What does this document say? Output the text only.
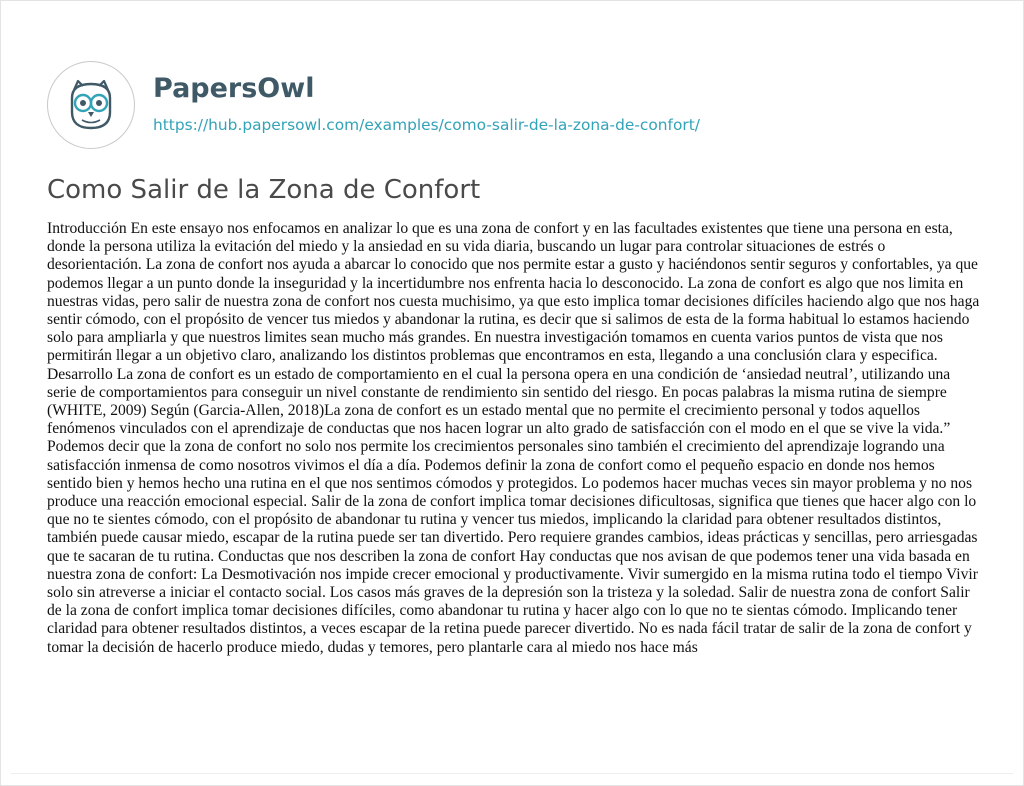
PapersOwl
https://hub.papersowl.com/examples/como-salir-de-la-zona-de-confort/
Como Salir de la Zona de Confort

Introducción En este ensayo nos enfocamos en analizar lo que es una zona de confort y en las facultades existentes que tiene una persona en esta, donde la persona utiliza la evitación del miedo y la ansiedad en su vida diaria, buscando un lugar para controlar situaciones de estrés o desorientación. La zona de confort nos ayuda a abarcar lo conocido que nos permite estar a gusto y haciéndonos sentir seguros y confortables, ya que podemos llegar a un punto donde la inseguridad y la incertidumbre nos enfrenta hacia lo desconocido. La zona de confort es algo que nos limita en nuestras vidas, pero salir de nuestra zona de confort nos cuesta muchisimo, ya que esto implica tomar decisiones difíciles haciendo algo que nos haga sentir cómodo, con el propósito de vencer tus miedos y abandonar la rutina, es decir que si salimos de esta de la forma habitual lo estamos haciendo solo para ampliarla y que nuestros limites sean mucho más grandes. En nuestra investigación tomamos en cuenta varios puntos de vista que nos permitirán llegar a un objetivo claro, analizando los distintos problemas que encontramos en esta, llegando a una conclusión clara y especifica. Desarrollo La zona de confort es un estado de comportamiento en el cual la persona opera en una condición de ‘ansiedad neutral’, utilizando una serie de comportamientos para conseguir un nivel constante de rendimiento sin sentido del riesgo. En pocas palabras la misma rutina de siempre (WHITE, 2009) Según (Garcia-Allen, 2018)La zona de confort es un estado mental que no permite el crecimiento personal y todos aquellos fenómenos vinculados con el aprendizaje de conductas que nos hacen lograr un alto grado de satisfacción con el modo en el que se vive la vida.” Podemos decir que la zona de confort no solo nos permite los crecimientos personales sino también el crecimiento del aprendizaje logrando una satisfacción inmensa de como nosotros vivimos el día a día. Podemos definir la zona de confort como el pequeño espacio en donde nos hemos sentido bien y hemos hecho una rutina en el que nos sentimos cómodos y protegidos. Lo podemos hacer muchas veces sin mayor problema y no nos produce una reacción emocional especial. Salir de la zona de confort implica tomar decisiones dificultosas, significa que tienes que hacer algo con lo que no te sientes cómodo, con el propósito de abandonar tu rutina y vencer tus miedos, implicando la claridad para obtener resultados distintos, también puede causar miedo, escapar de la rutina puede ser tan divertido. Pero requiere grandes cambios, ideas prácticas y sencillas, pero arriesgadas que te sacaran de tu rutina. Conductas que nos describen la zona de confort Hay conductas que nos avisan de que podemos tener una vida basada en nuestra zona de confort: La Desmotivación nos impide crecer emocional y productivamente. Vivir sumergido en la misma rutina todo el tiempo Vivir solo sin atreverse a iniciar el contacto social. Los casos más graves de la depresión son la tristeza y la soledad. Salir de nuestra zona de confort Salir de la zona de confort implica tomar decisiones difíciles, como abandonar tu rutina y hacer algo con lo que no te sientas cómodo. Implicando tener claridad para obtener resultados distintos, a veces escapar de la retina puede parecer divertido. No es nada fácil tratar de salir de la zona de confort y tomar la decisión de hacerlo produce miedo, dudas y temores, pero plantarle cara al miedo nos hace más
